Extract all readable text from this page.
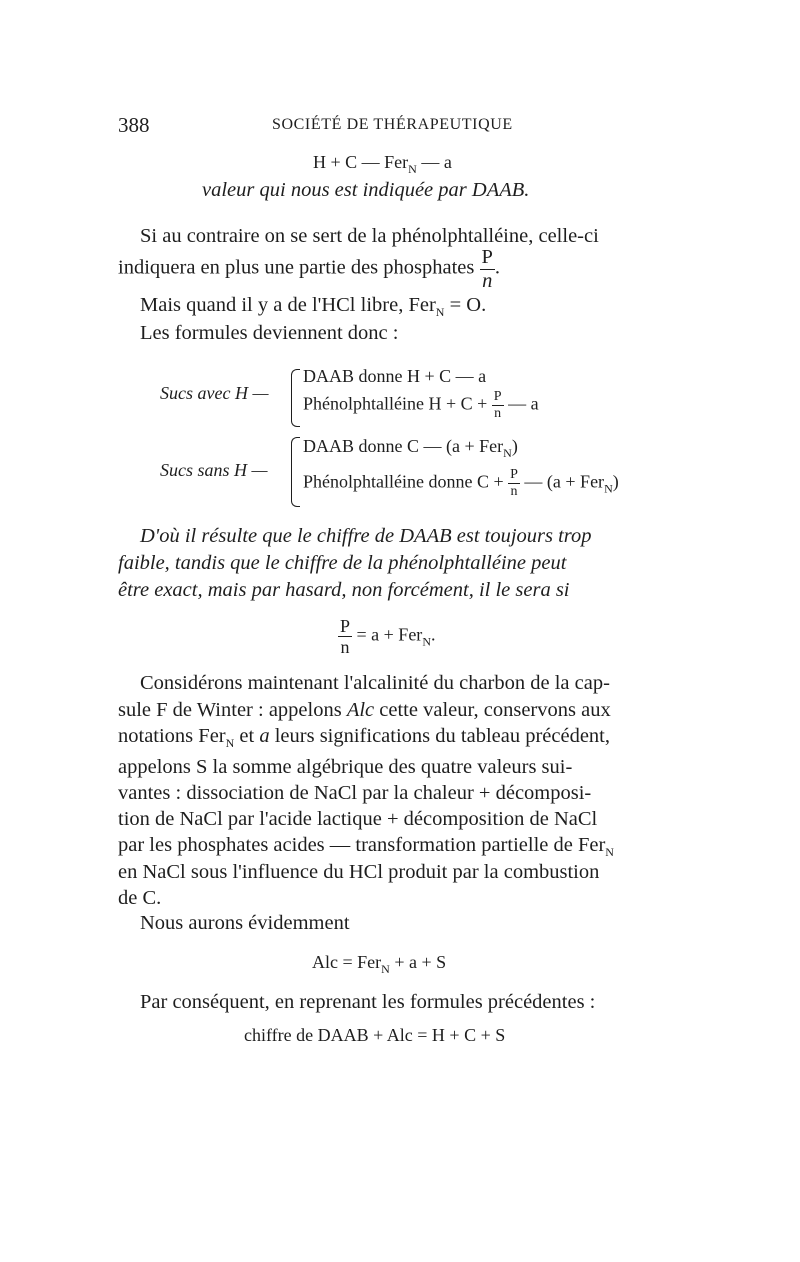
388	SOCIÉTÉ DE THÉRAPEUTIQUE
H + C — Fer$_N$ — a
valeur qui nous est indiquée par DAAB.
Si au contraire on se sert de la phénolphtalléine, celle-ci
indiquera en plus une partie des phosphates $\frac{P}{n}$ .
Mais quand il y a de l'HCl libre, Fer$_N$ = O.
Les formules deviennent donc :
Sucs avec H —
DAAB donne H + C — a
Phénolphtalléine $H + C + \frac{P}{n}$ — a
Sucs sans H —
DAAB donne C — (a + Fer$_N$)
Phénolphtalléine donne $C + \frac{P}{n}$ — (a + Fer$_N$)
D'où il résulte que le chiffre de DAAB est toujours trop
faible, tandis que le chiffre de la phénolphtalléine peut
être exact, mais par hasard, non forcément, il le sera si
$\frac{P}{n} = a + Fer_N$.
Considérons maintenant l'alcalinité du charbon de la cap-
sule F de Winter : appelons Alc cette valeur, conservons aux
notations Fer$_N$ et a leurs significations du tableau précédent,
appelons S la somme algébrique des quatre valeurs sui-
vantes : dissociation de NaCl par la chaleur + décomposi-
tion de NaCl par l'acide lactique + décomposition de NaCl
par les phosphates acides — transformation partielle de Fer$_N$
en NaCl sous l'influence du HCl produit par la combustion
de C.
Nous aurons évidemment
Alc = Fer$_N$ + a + S
Par conséquent, en reprenant les formules précédentes :
chiffre de DAAB + Alc = H + C + S
